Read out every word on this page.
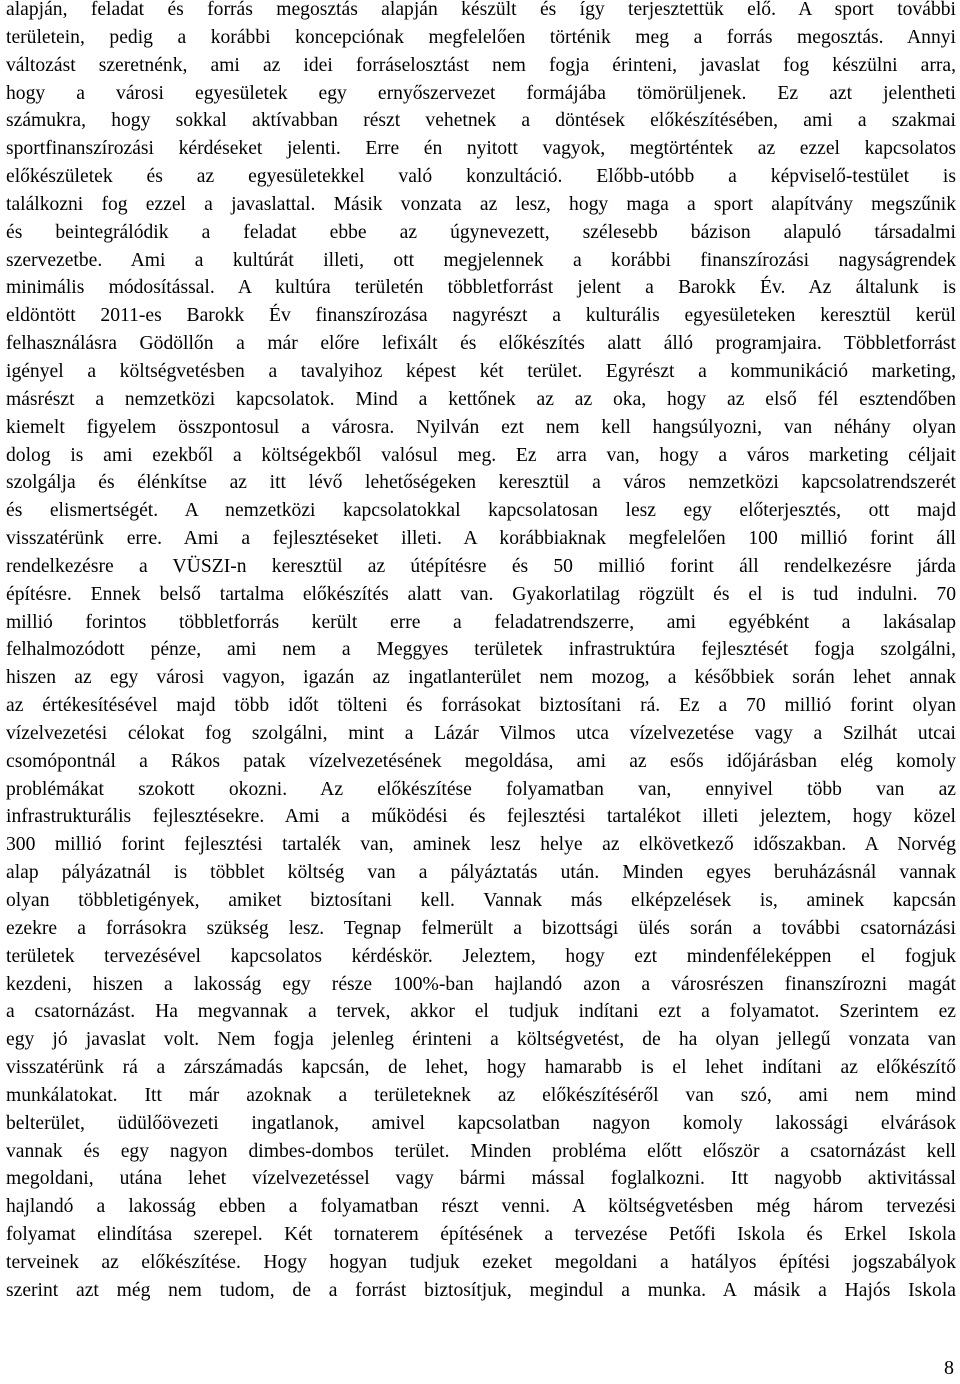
alapján, feladat és forrás megosztás alapján készült és így terjesztettük elő. A sport további
területein, pedig a korábbi koncepciónak megfelelően történik meg a forrás megosztás. Annyi
változást szeretnénk, ami az idei forráselosztást nem fogja érinteni, javaslat fog készülni arra,
hogy a városi egyesületek egy ernyőszervezet formájába tömörüljenek. Ez azt jelentheti
számukra, hogy sokkal aktívabban részt vehetnek a döntések előkészítésében, ami a szakmai
sportfinanszírozási kérdéseket jelenti. Erre én nyitott vagyok, megtörténtek az ezzel kapcsolatos
előkészületek és az egyesületekkel való konzultáció. Előbb-utóbb a képviselő-testület is
találkozni fog ezzel a javaslattal. Másik vonzata az lesz, hogy maga a sport alapítvány megszűnik
és beintegrálódik a feladat ebbe az úgynevezett, szélesebb bázison alapuló társadalmi
szervezetbe. Ami a kultúrát illeti, ott megjelennek a korábbi finanszírozási nagyságrendek
minimális módosítással. A kultúra területén többletforrást jelent a Barokk Év. Az általunk is
eldöntött 2011-es Barokk Év finanszírozása nagyrészt a kulturális egyesületeken keresztül kerül
felhasználásra Gödöllőn a már előre lefixált és előkészítés alatt álló programjaira. Többletforrást
igényel a költségvetésben a tavalyihoz képest két terület. Egyrészt a kommunikáció marketing,
másrészt a nemzetközi kapcsolatok. Mind a kettőnek az az oka, hogy az első fél esztendőben
kiemelt figyelem összpontosul a városra. Nyilván ezt nem kell hangsúlyozni, van néhány olyan
dolog is ami ezekből a költségekből valósul meg. Ez arra van, hogy a város marketing céljait
szolgálja és élénkítse az itt lévő lehetőségeken keresztül a város nemzetközi kapcsolatrendszerét
és elismertségét. A nemzetközi kapcsolatokkal kapcsolatosan lesz egy előterjesztés, ott majd
visszatérünk erre. Ami a fejlesztéseket illeti. A korábbiaknak megfelelően 100 millió forint áll
rendelkezésre a VÜSZI-n keresztül az útépítésre és 50 millió forint áll rendelkezésre járda
építésre. Ennek belső tartalma előkészítés alatt van. Gyakorlatilag rögzült és el is tud indulni. 70
millió forintos többletforrás került erre a feladatrendszerre, ami egyébként a lakásalap
felhalmozódott pénze, ami nem a Meggyes területek infrastruktúra fejlesztését fogja szolgálni,
hiszen az egy városi vagyon, igazán az ingatlanterület nem mozog, a későbbiek során lehet annak
az értékesítésével majd több időt tölteni és forrásokat biztosítani rá. Ez a 70 millió forint olyan
vízelvezetési célokat fog szolgálni, mint a Lázár Vilmos utca vízelvezetése vagy a Szilhát utcai
csomópontnál a Rákos patak vízelvezetésének megoldása, ami az esős időjárásban elég komoly
problémákat szokott okozni. Az előkészítése folyamatban van, ennyivel több van az
infrastrukturális fejlesztésekre. Ami a működési és fejlesztési tartalékot illeti jeleztem, hogy közel
300 millió forint fejlesztési tartalék van, aminek lesz helye az elkövetkező időszakban. A Norvég
alap pályázatnál is többlet költség van a pályáztatás után. Minden egyes beruházásnál vannak
olyan többletigények, amiket biztosítani kell. Vannak más elképzelések is, aminek kapcsán
ezekre a forrásokra szükség lesz. Tegnap felmerült a bizottsági ülés során a további csatornázási
területek tervezésével kapcsolatos kérdéskör. Jeleztem, hogy ezt mindenféleképpen el fogjuk
kezdeni, hiszen a lakosság egy része 100%-ban hajlandó azon a városrészen finanszírozni magát
a csatornázást. Ha megvannak a tervek, akkor el tudjuk indítani ezt a folyamatot. Szerintem ez
egy jó javaslat volt. Nem fogja jelenleg érinteni a költségvetést, de ha olyan jellegű vonzata van
visszatérünk rá a zárszámadás kapcsán, de lehet, hogy hamarabb is el lehet indítani az előkészítő
munkálatokat. Itt már azoknak a területeknek az előkészítéséről van szó, ami nem mind
belterület, üdülőövezeti ingatlanok, amivel kapcsolatban nagyon komoly lakossági elvárások
vannak és egy nagyon dimbes-dombos terület. Minden probléma előtt először a csatornázást kell
megoldani, utána lehet vízelvezetéssel vagy bármi mással foglalkozni. Itt nagyobb aktivitással
hajlandó a lakosság ebben a folyamatban részt venni. A költségvetésben még három tervezési
folyamat elindítása szerepel. Két tornaterem építésének a tervezése Petőfi Iskola és Erkel Iskola
terveinek az előkészítése. Hogy hogyan tudjuk ezeket megoldani a hatályos építési jogszabályok
szerint azt még nem tudom, de a forrást biztosítjuk, megindul a munka. A másik a Hajós Iskola
8
